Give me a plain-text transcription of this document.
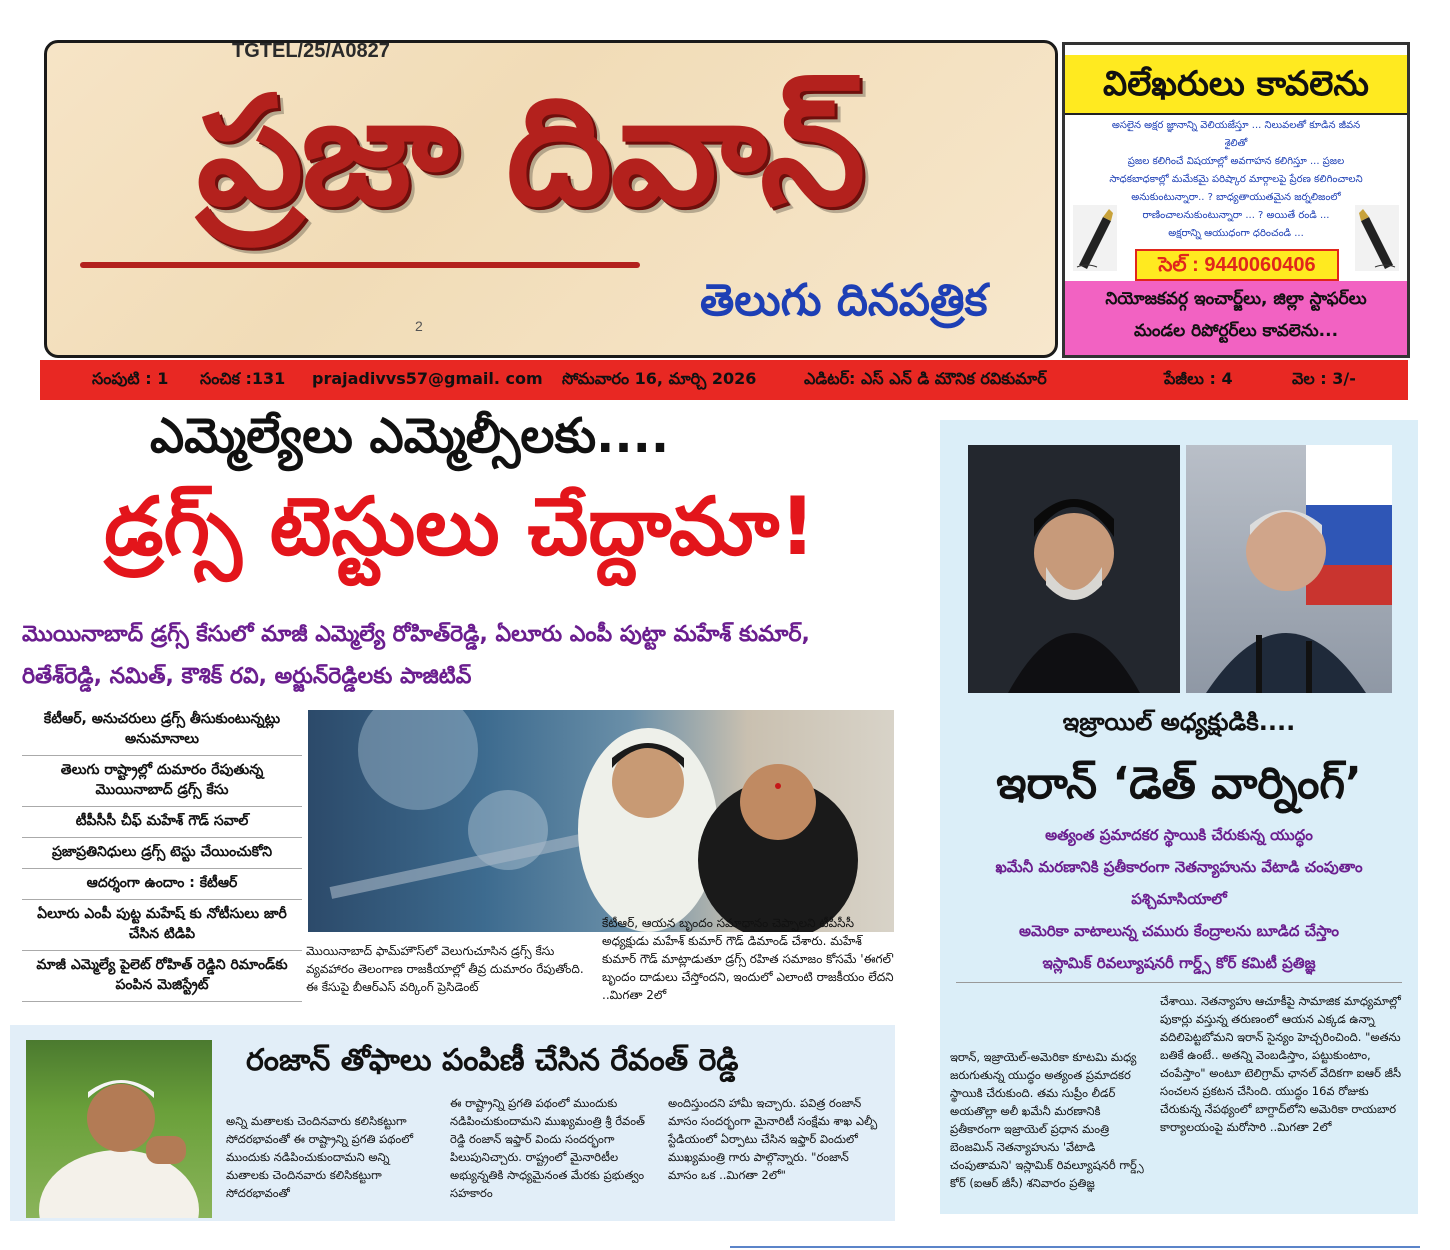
TGTEL/25/A0827
ప్రజా దివాన్
తెలుగు దినపత్రిక
2
విలేఖరులు కావలెను
అసలైన అక్షర జ్ఞానాన్ని వెలియజేస్తూ ... నిలువలతో కూడిన జీవన శైలితో
ప్రజల కలిగించే విషయాల్లో అవగాహన కలిగిస్తూ ... ప్రజల
సాధకబాధకాల్లో మమేకమై పరిష్కార మార్గాలపై ప్రేరణ కలిగించాలని
అనుకుంటున్నారా.. ? బాధ్యతాయుతమైన జర్నలిజంలో
రాణించాలనుకుంటున్నారా ... ? అయితే రండి ...
అక్షరాన్ని ఆయుధంగా ధరించండి ...
సెల్ : 9440060406
నియోజకవర్గ ఇంచార్జ్‌లు, జిల్లా స్టాఫర్‌లు
మండల రిపోర్టర్‌లు కావలెను...
సంపుటి : 1 సంచిక :131 prajadivvs57@gmail. com సోమవారం 16, మార్చి 2026	ఎడిటర్: ఎస్ ఎన్ డి మౌనిక రవికుమార్	పేజీలు : 4	వెల : 3/-
ఎమ్మెల్యేలు ఎమ్మెల్సీలకు....
డ్రగ్స్ టెస్టులు చేద్దామా!
మొయినాబాద్ డ్రగ్స్ కేసులో మాజీ ఎమ్మెల్యే రోహిత్‌రెడ్డి, ఏలూరు ఎంపీ పుట్టా మహేశ్ కుమార్,
రితేశ్‌రెడ్డి, నమిత్, కౌశిక్ రవి, అర్జున్‌రెడ్డిలకు పాజిటివ్
కేటీఆర్, అనుచరులు డ్రగ్స్ తీసుకుంటున్నట్లు అనుమానాలు
తెలుగు రాష్ట్రాల్లో దుమారం రేపుతున్న మొయినాబాద్ డ్రగ్స్ కేసు
టీపీసీసీ చీఫ్ మహేశ్ గౌడ్ సవాల్
ప్రజాప్రతినిధులు డ్రగ్స్ టెస్టు చేయించుకోని
ఆదర్శంగా ఉందాం : కేటీఆర్
ఏలూరు ఎంపీ పుట్ట మహేష్ కు నోటీసులు జారీ చేసిన టిడిపి
మాజీ ఎమ్మెల్యే పైలెట్ రోహిత్ రెడ్డిని రిమాండ్‌కు పంపిన మెజిస్ట్రేట్
మొయినాబాద్ ఫామ్‌హౌస్‌లో వెలుగుచూసిన డ్రగ్స్ కేసు వ్యవహారం తెలంగాణ రాజకీయాల్లో తీవ్ర దుమారం రేపుతోంది. ఈ కేసుపై బీఆర్ఎస్ వర్కింగ్ ప్రెసిడెంట్
కేటీఆర్, ఆయన బృందం సమాధానం చెప్పాలని టీపీసీసీ అధ్యక్షుడు మహేశ్ కుమార్ గౌడ్ డిమాండ్ చేశారు. మహేశ్ కుమార్ గౌడ్ మాట్లాడుతూ డ్రగ్స్ రహిత సమాజం కోసమే 'ఈగల్' బృందం దాడులు చేస్తోందని, ఇందులో ఎలాంటి రాజకీయం లేదని ..మిగతా 2లో
రంజాన్ తోఫాలు పంపిణీ చేసిన రేవంత్ రెడ్డి
అన్ని మతాలకు చెందినవారు కలిసికట్టుగా సోదరభావంతో ఈ రాష్ట్రాన్ని ప్రగతి పథంలో ముందుకు నడిపించుకుందామని అన్ని మతాలకు చెందినవారు కలిసికట్టుగా సోదరభావంతో
ఈ రాష్ట్రాన్ని ప్రగతి పథంలో ముందుకు నడిపించుకుందామని ముఖ్యమంత్రి శ్రీ రేవంత్ రెడ్డి రంజాన్ ఇఫ్తార్ విందు సందర్భంగా పిలుపునిచ్చారు. రాష్ట్రంలో మైనారిటీల అభ్యున్నతికి సాధ్యమైనంత మేరకు ప్రభుత్వం సహకారం
అందిస్తుందని హామీ ఇచ్చారు. పవిత్ర రంజాన్ మాసం సందర్భంగా మైనారిటీ సంక్షేమ శాఖ ఎల్బీ స్టేడియంలో ఏర్పాటు చేసిన ఇఫ్తార్ విందులో ముఖ్యమంత్రి గారు పాల్గొన్నారు. "రంజాన్ మాసం ఒక ..మిగతా 2లో"
ఇజ్రాయిల్ అధ్యక్షుడికి....
ఇరాన్ ‘డెత్ వార్నింగ్’
అత్యంత ప్రమాదకర స్థాయికి చేరుకున్న యుద్ధం
ఖమేనీ మరణానికి ప్రతీకారంగా నెతన్యాహును వేటాడి చంపుతాం
పశ్చిమాసియాలో
అమెరికా వాటాలున్న చమురు కేంద్రాలను బూడిద చేస్తాం
ఇస్లామిక్ రివల్యూషనరీ గార్డ్స్ కోర్ కమిటీ ప్రతిజ్ఞ
ఇరాన్, ఇజ్రాయెల్-అమెరికా కూటమి మధ్య జరుగుతున్న యుద్ధం అత్యంత ప్రమాదకర స్థాయికి చేరుకుంది. తమ సుప్రీం లీడర్ అయతొల్లా అలీ ఖమేనీ మరణానికి ప్రతీకారంగా ఇజ్రాయెల్ ప్రధాన మంత్రి బెంజమిన్ నెతన్యాహును 'వేటాడి చంపుతామని' ఇస్లామిక్ రివల్యూషనరీ గార్డ్స్ కోర్ (ఐఆర్ జీసీ) శనివారం ప్రతిజ్ఞ
చేశాయి. నెతన్యాహు ఆచూకీపై సామాజిక మాధ్యమాల్లో పుకార్లు వస్తున్న తరుణంలో ఆయన ఎక్కడ ఉన్నా వదిలిపెట్టబోమని ఇరాన్ సైన్యం హెచ్చరించింది. "అతను బతికే ఉంటే.. అతన్ని వెంబడిస్తాం, పట్టుకుంటాం, చంపేస్తాం" అంటూ టెలిగ్రామ్ ఛానల్ వేదికగా ఐఆర్ జీసీ సంచలన ప్రకటన చేసింది. యుద్ధం 16వ రోజుకు చేరుకున్న నేపథ్యంలో బాగ్దాద్‌లోని అమెరికా రాయబార కార్యాలయంపై మరోసారి ..మిగతా 2లో
